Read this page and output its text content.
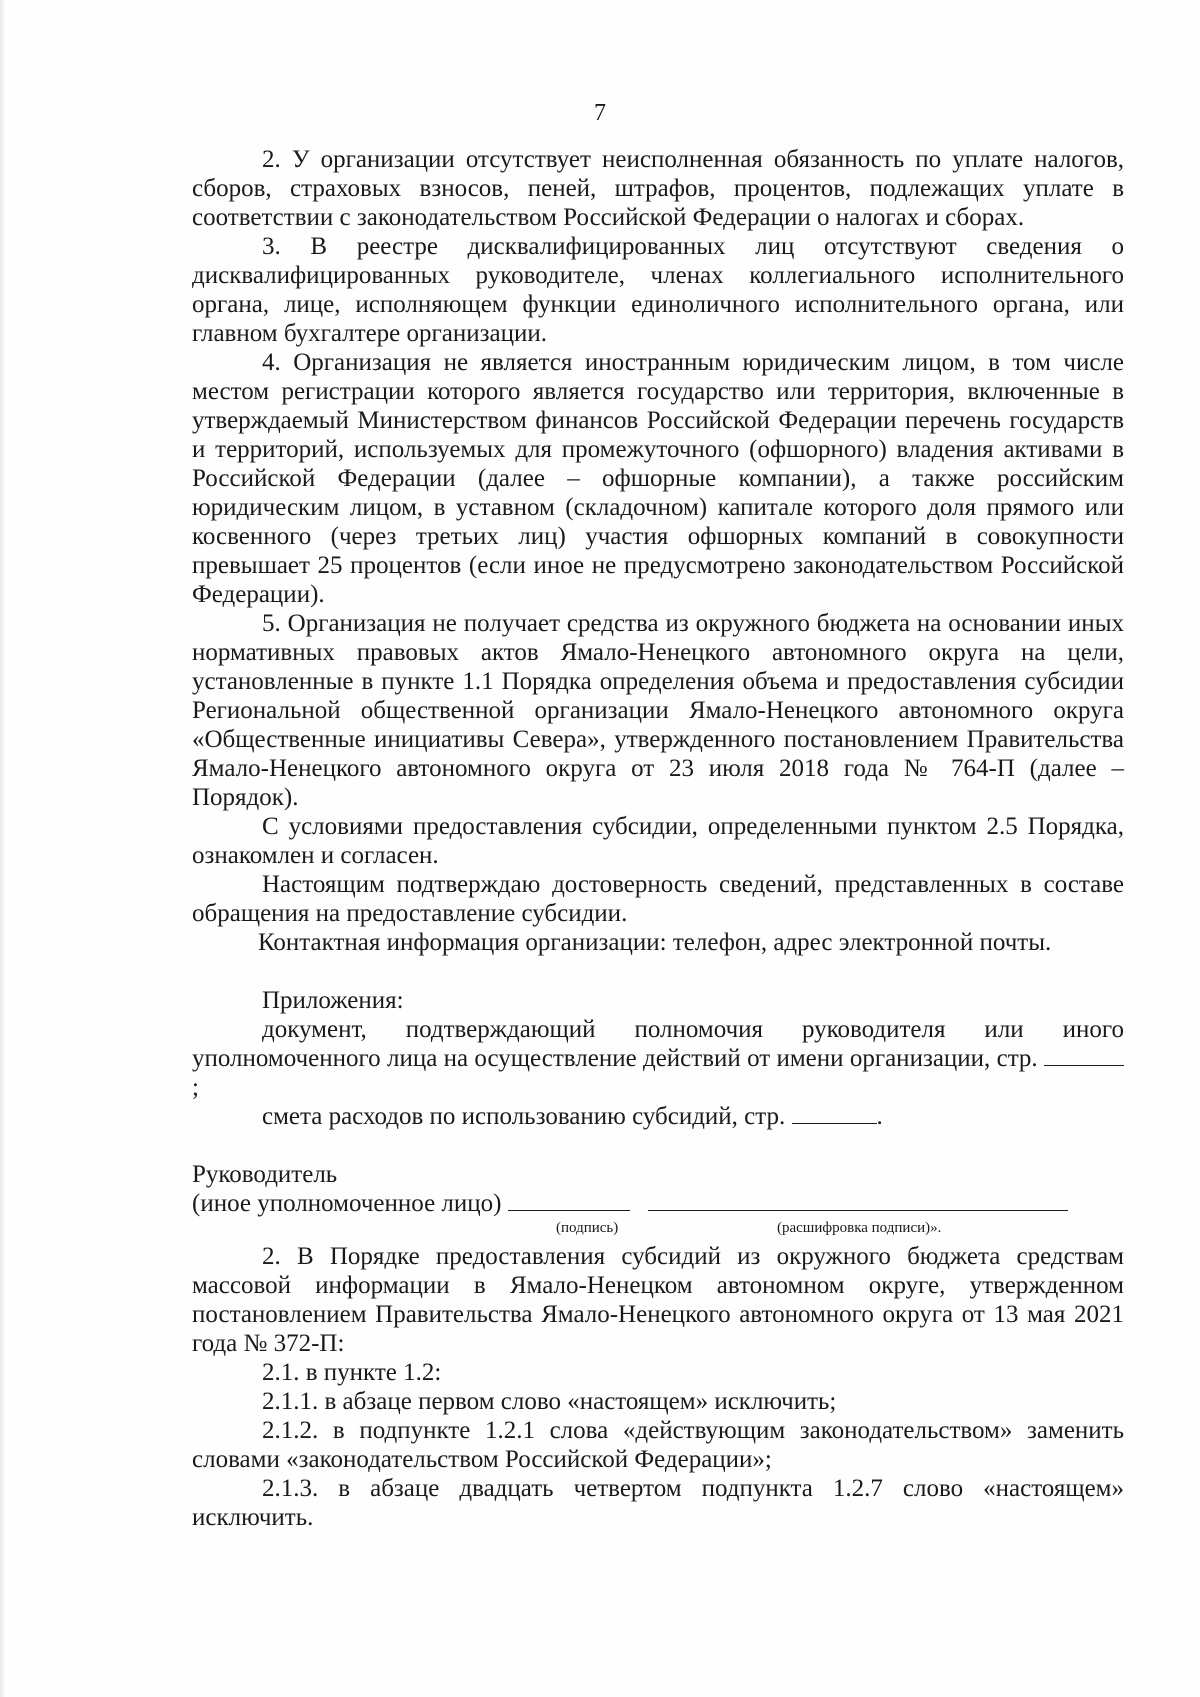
7

2. У организации отсутствует неисполненная обязанность по уплате налогов, сборов, страховых взносов, пеней, штрафов, процентов, подлежащих уплате в соответствии с законодательством Российской Федерации о налогах и сборах.

3. В реестре дисквалифицированных лиц отсутствуют сведения о дисквалифицированных руководителе, членах коллегиального исполнительного органа, лице, исполняющем функции единоличного исполнительного органа, или главном бухгалтере организации.

4. Организация не является иностранным юридическим лицом, в том числе местом регистрации которого является государство или территория, включенные в утверждаемый Министерством финансов Российской Федерации перечень государств и территорий, используемых для промежуточного (офшорного) владения активами в Российской Федерации (далее – офшорные компании), а также российским юридическим лицом, в уставном (складочном) капитале которого доля прямого или косвенного (через третьих лиц) участия офшорных компаний в совокупности превышает 25 процентов (если иное не предусмотрено законодательством Российской Федерации).

5. Организация не получает средства из окружного бюджета на основании иных нормативных правовых актов Ямало-Ненецкого автономного округа на цели, установленные в пункте 1.1 Порядка определения объема и предоставления субсидии Региональной общественной организации Ямало-Ненецкого автономного округа «Общественные инициативы Севера», утвержденного постановлением Правительства Ямало-Ненецкого автономного округа от 23 июля 2018 года № 764-П (далее – Порядок).

С условиями предоставления субсидии, определенными пунктом 2.5 Порядка, ознакомлен и согласен.

Настоящим подтверждаю достоверность сведений, представленных в составе обращения на предоставление субсидии.

Контактная информация организации: телефон, адрес электронной почты.

Приложения:

документ, подтверждающий полномочия руководителя или иного уполномоченного лица на осуществление действий от имени организации, стр. ;

смета расходов по использованию субсидий, стр.	.

Руководитель

(иное уполномоченное лицо)

(подпись)	(расшифровка подписи)».

2. В Порядке предоставления субсидий из окружного бюджета средствам массовой информации в Ямало-Ненецком автономном округе, утвержденном постановлением Правительства Ямало-Ненецкого автономного округа от 13 мая 2021 года № 372-П:

2.1. в пункте 1.2:

2.1.1. в абзаце первом слово «настоящем» исключить;

2.1.2. в подпункте 1.2.1 слова «действующим законодательством» заменить словами «законодательством Российской Федерации»;

2.1.3. в абзаце двадцать четвертом подпункта 1.2.7 слово «настоящем» исключить.
